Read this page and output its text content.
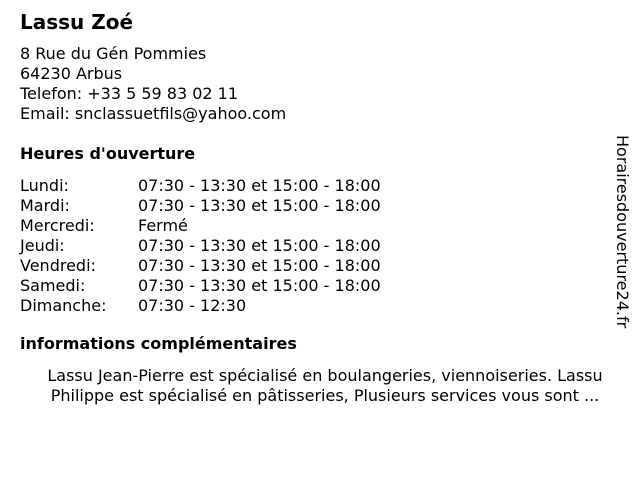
Lassu Zoé
8 Rue du Gén Pommies
64230 Arbus
Telefon: +33 5 59 83 02 11
Email: snclassuetfils@yahoo.com
Heures d'ouverture
Lundi:	07:30 - 13:30 et 15:00 - 18:00
Mardi:	07:30 - 13:30 et 15:00 - 18:00
Mercredi:	Fermé
Jeudi:	07:30 - 13:30 et 15:00 - 18:00
Vendredi:	07:30 - 13:30 et 15:00 - 18:00
Samedi:	07:30 - 13:30 et 15:00 - 18:00
Dimanche:	07:30 - 12:30
informations complémentaires
Lassu Jean-Pierre est spécialisé en boulangeries, viennoiseries. Lassu Philippe est spécialisé en pâtisseries, Plusieurs services vous sont ...
Horairesdouverture24.fr
